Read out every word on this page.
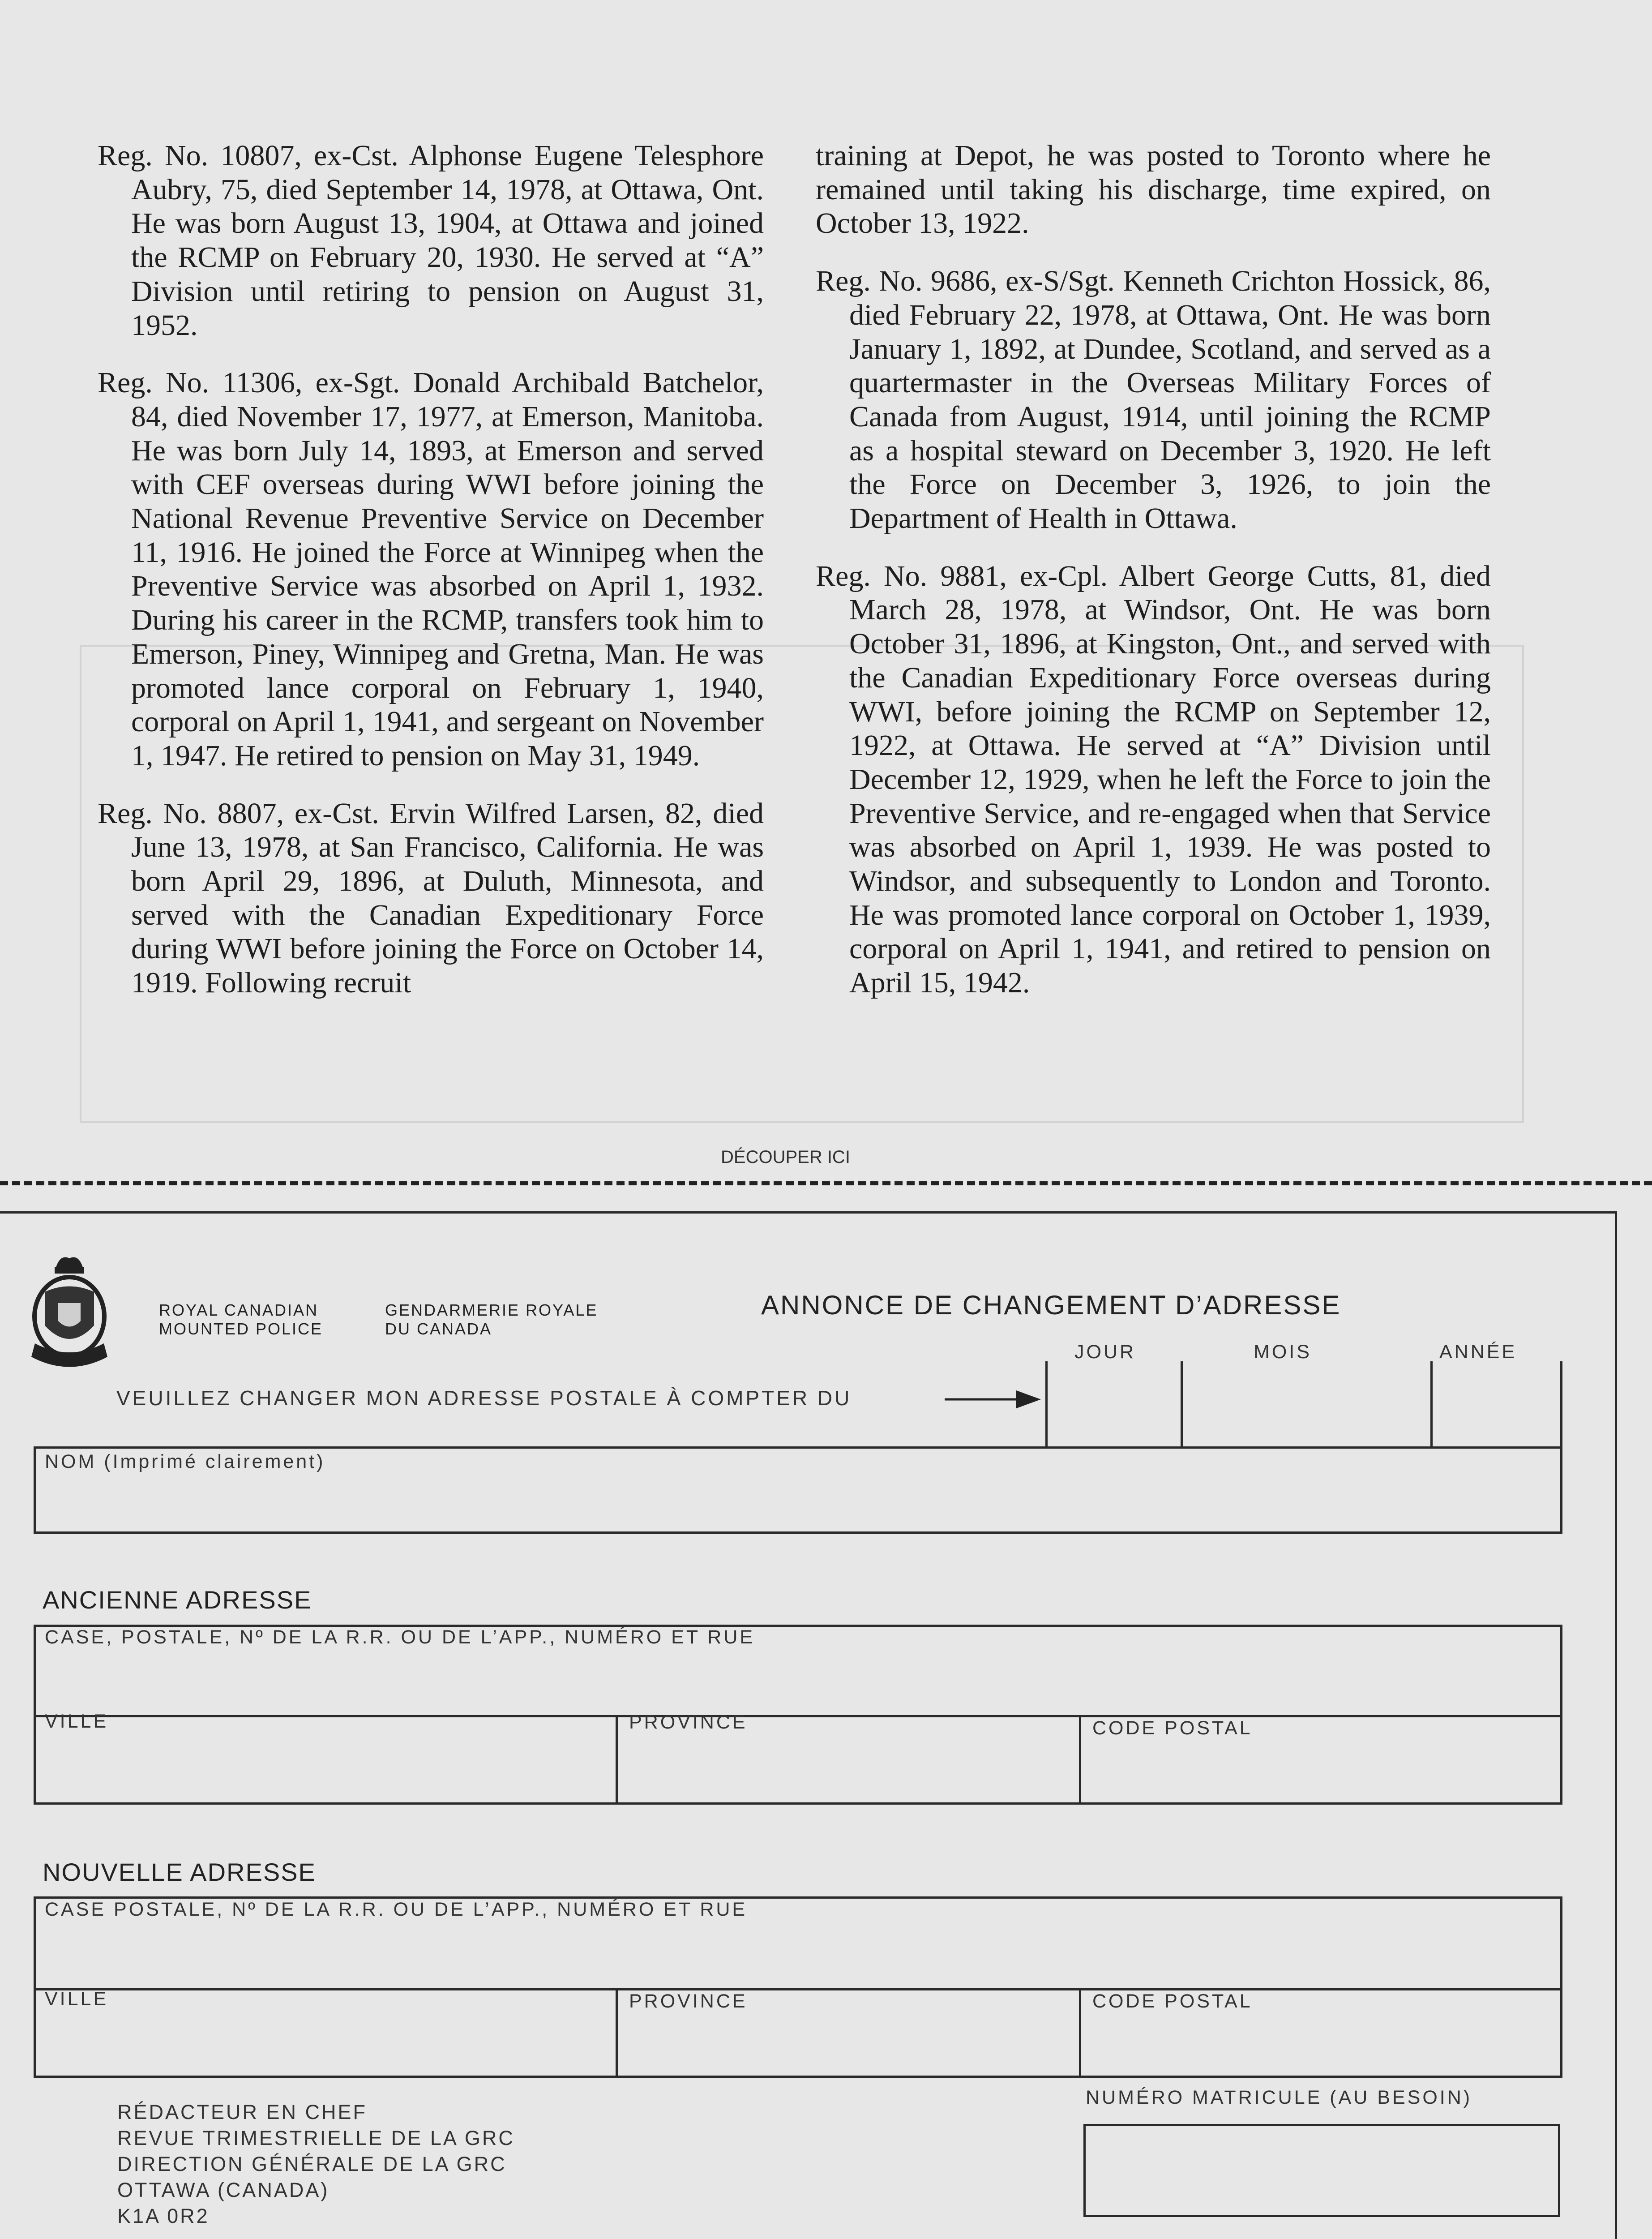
Reg. No. 10807, ex-Cst. Alphonse Eugene Telesphore Aubry, 75, died September 14, 1978, at Ottawa, Ont. He was born August 13, 1904, at Ottawa and joined the RCMP on February 20, 1930. He served at “A” Division until retiring to pension on August 31, 1952.

Reg. No. 11306, ex-Sgt. Donald Archibald Batchelor, 84, died November 17, 1977, at Emerson, Manitoba. He was born July 14, 1893, at Emerson and served with CEF overseas during WWI before joining the National Revenue Preventive Service on December 11, 1916. He joined the Force at Winnipeg when the Preventive Service was absorbed on April 1, 1932. During his career in the RCMP, transfers took him to Emerson, Piney, Winnipeg and Gretna, Man. He was promoted lance corporal on February 1, 1940, corporal on April 1, 1941, and sergeant on November 1, 1947. He retired to pension on May 31, 1949.

Reg. No. 8807, ex-Cst. Ervin Wilfred Larsen, 82, died June 13, 1978, at San Francisco, California. He was born April 29, 1896, at Duluth, Minnesota, and served with the Canadian Expeditionary Force during WWI before joining the Force on October 14, 1919. Following recruit

training at Depot, he was posted to Toronto where he remained until taking his discharge, time expired, on October 13, 1922.

Reg. No. 9686, ex-S/Sgt. Kenneth Crichton Hossick, 86, died February 22, 1978, at Ottawa, Ont. He was born January 1, 1892, at Dundee, Scotland, and served as a quartermaster in the Overseas Military Forces of Canada from August, 1914, until joining the RCMP as a hospital steward on December 3, 1920. He left the Force on December 3, 1926, to join the Department of Health in Ottawa.

Reg. No. 9881, ex-Cpl. Albert George Cutts, 81, died March 28, 1978, at Windsor, Ont. He was born October 31, 1896, at Kingston, Ont., and served with the Canadian Expeditionary Force overseas during WWI, before joining the RCMP on September 12, 1922, at Ottawa. He served at “A” Division until December 12, 1929, when he left the Force to join the Preventive Service, and re-engaged when that Service was absorbed on April 1, 1939. He was posted to Windsor, and subsequently to London and Toronto. He was promoted lance corporal on October 1, 1939, corporal on April 1, 1941, and retired to pension on April 15, 1942.

DÉCOUPER ICI
ROYAL CANADIAN
MOUNTED POLICE
GENDARMERIE ROYALE
DU CANADA
ANNONCE DE CHANGEMENT D’ADRESSE
JOUR	MOIS	ANNÉE
VEUILLEZ CHANGER MON ADRESSE POSTALE À COMPTER DU
NOM (Imprimé clairement)
ANCIENNE ADRESSE
CASE, POSTALE, Nº DE LA R.R. OU DE L’APP., NUMÉRO ET RUE
VILLE	PROVINCE	CODE POSTAL
NOUVELLE ADRESSE
CASE POSTALE, Nº DE LA R.R. OU DE L’APP., NUMÉRO ET RUE
VILLE	PROVINCE	CODE POSTAL
RÉDACTEUR EN CHEF
REVUE TRIMESTRIELLE DE LA GRC
DIRECTION GÉNÉRALE DE LA GRC
OTTAWA (CANADA)
K1A 0R2
NUMÉRO MATRICULE (AU BESOIN)
